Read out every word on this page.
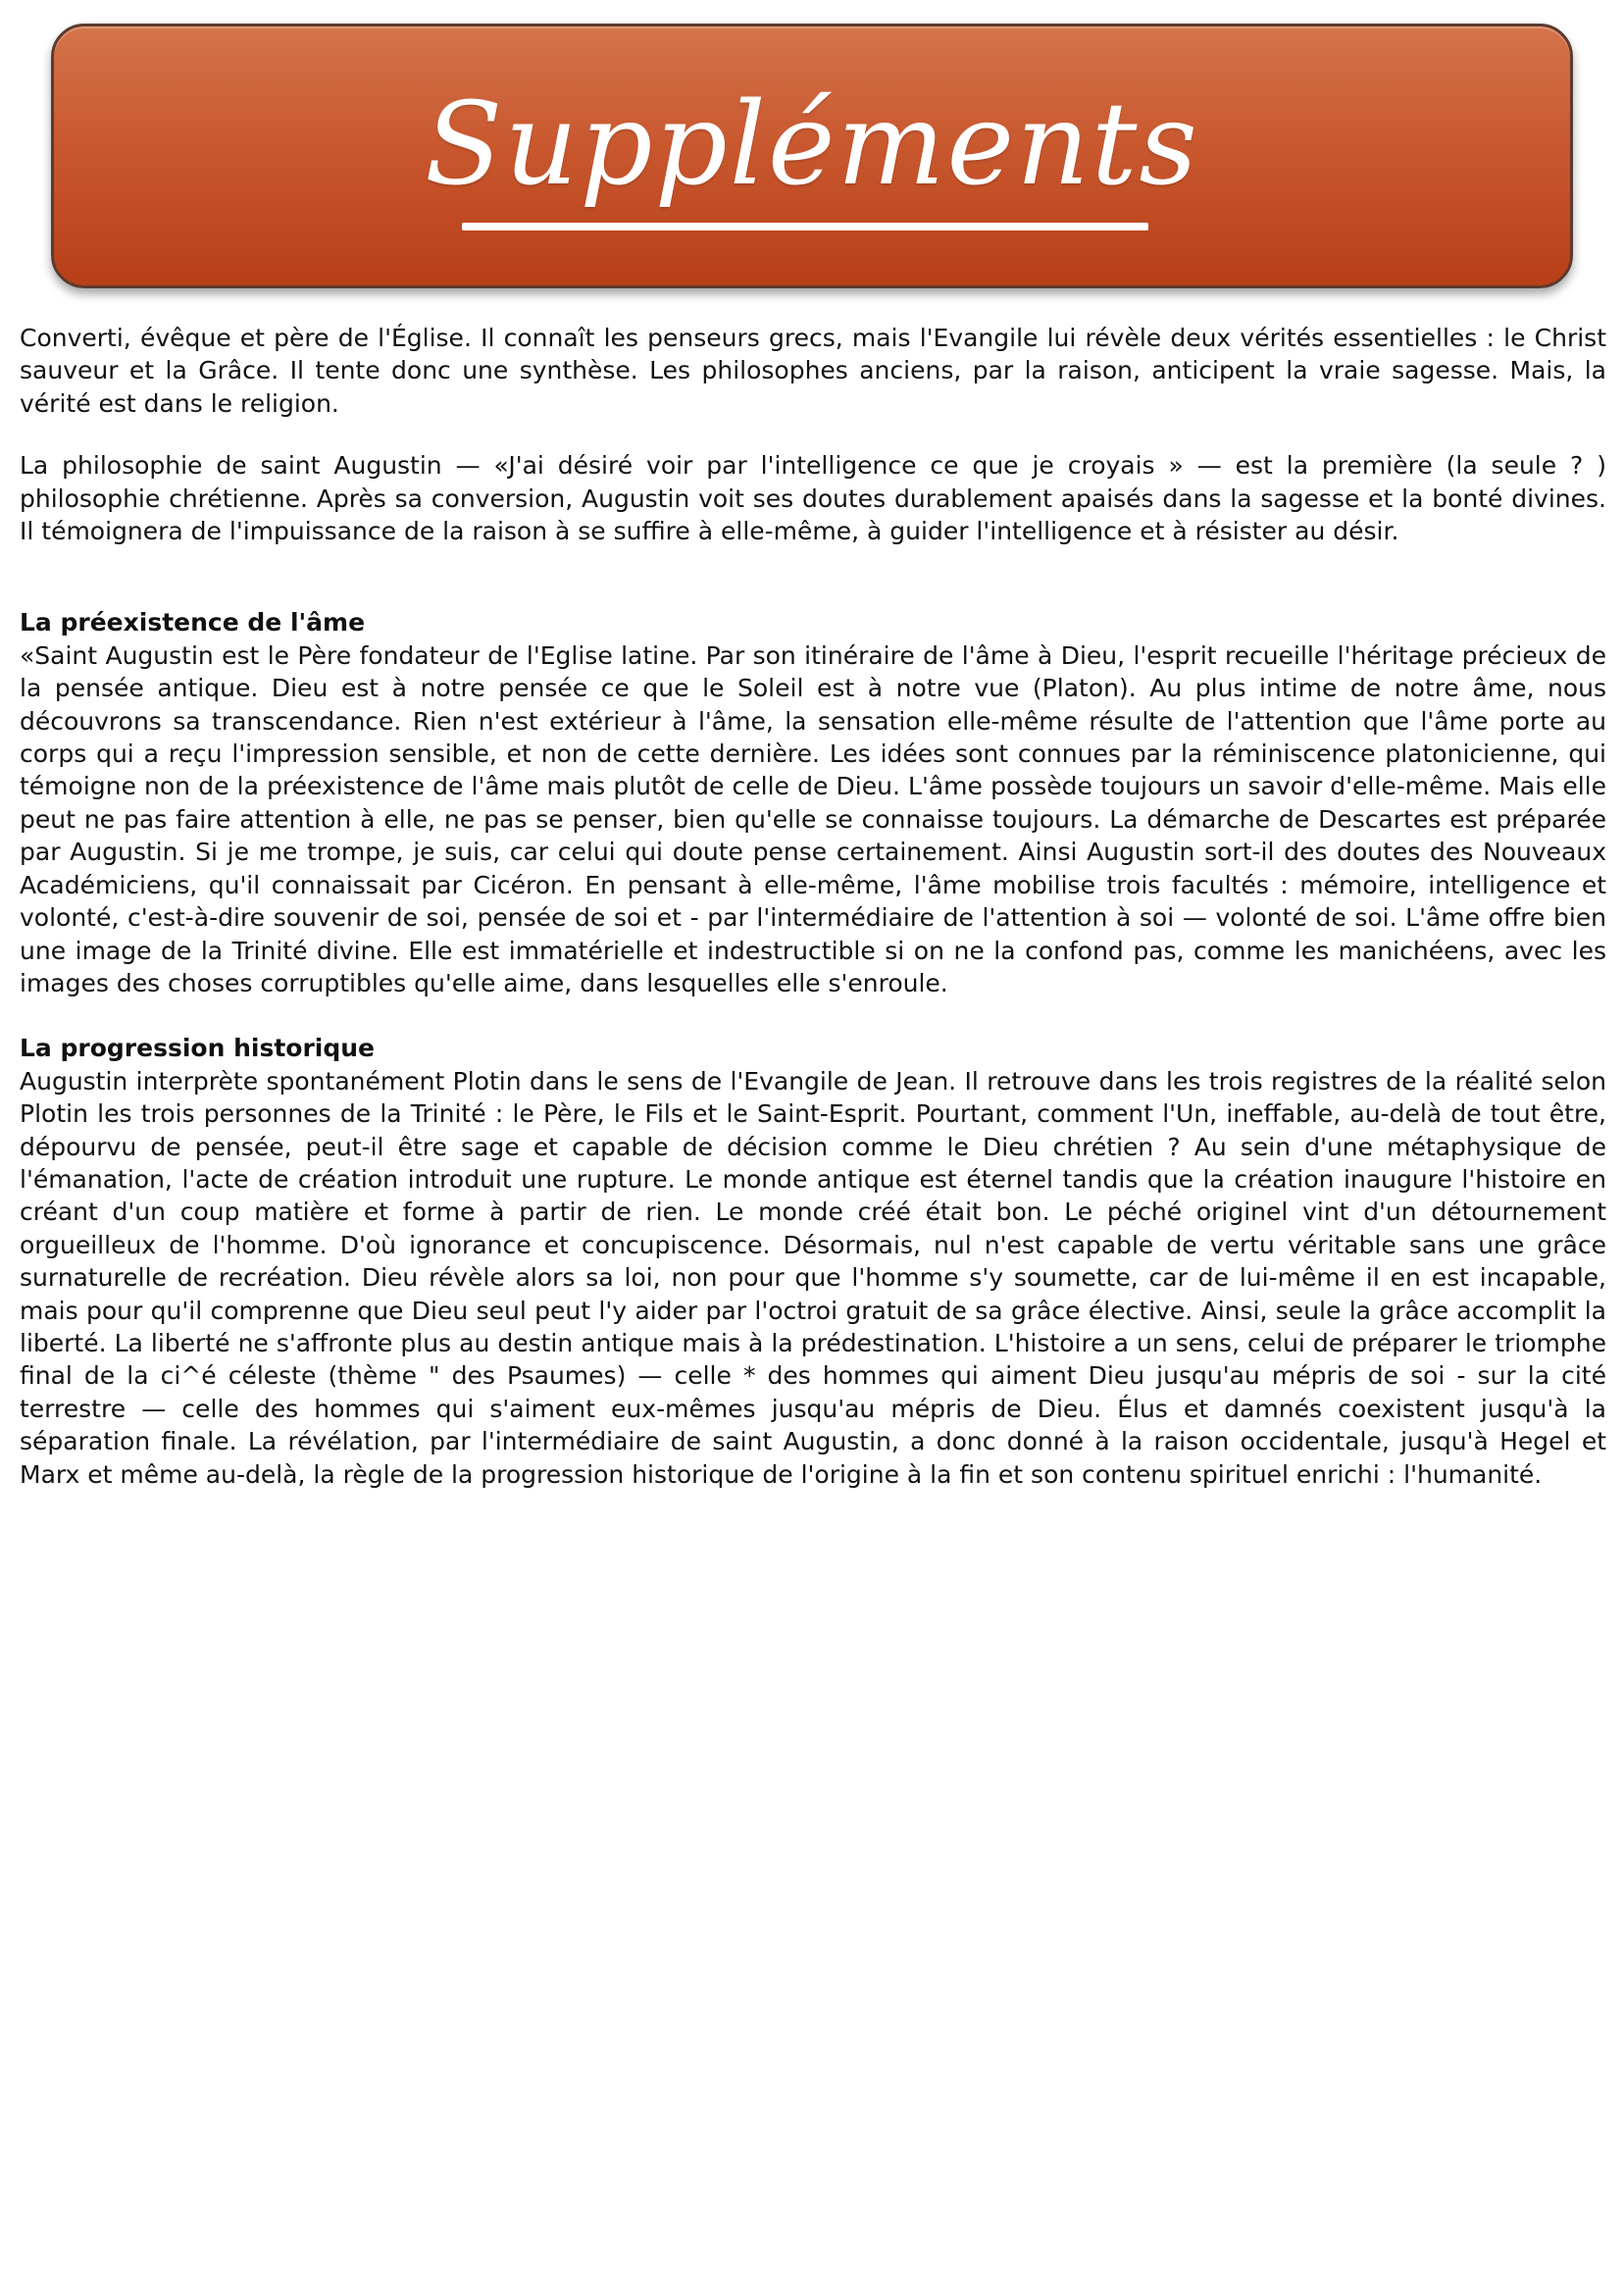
Suppléments

Converti, évêque et père de l'Église. Il connaît les penseurs grecs, mais l'Evangile lui révèle deux vérités essentielles : le Christ sauveur et la Grâce. Il tente donc une synthèse. Les philosophes anciens, par la raison, anticipent la vraie sagesse. Mais, la vérité est dans le religion.

La philosophie de saint Augustin — «J'ai désiré voir par l'intelligence ce que je croyais » — est la première (la seule ? ) philosophie chrétienne. Après sa conversion, Augustin voit ses doutes durablement apaisés dans la sagesse et la bonté divines. Il témoignera de l'impuissance de la raison à se suffire à elle-même, à guider l'intelligence et à résister au désir.

La préexistence de l'âme

«Saint Augustin est le Père fondateur de l'Eglise latine. Par son itinéraire de l'âme à Dieu, l'esprit recueille l'héritage précieux de la pensée antique. Dieu est à notre pensée ce que le Soleil est à notre vue (Platon). Au plus intime de notre âme, nous découvrons sa transcendance. Rien n'est extérieur à l'âme, la sensation elle-même résulte de l'attention que l'âme porte au corps qui a reçu l'impression sensible, et non de cette dernière. Les idées sont connues par la réminiscence platonicienne, qui témoigne non de la préexistence de l'âme mais plutôt de celle de Dieu. L'âme possède toujours un savoir d'elle-même. Mais elle peut ne pas faire attention à elle, ne pas se penser, bien qu'elle se connaisse toujours. La démarche de Descartes est préparée par Augustin. Si je me trompe, je suis, car celui qui doute pense certainement. Ainsi Augustin sort-il des doutes des Nouveaux Académiciens, qu'il connaissait par Cicéron. En pensant à elle-même, l'âme mobilise trois facultés : mémoire, intelligence et volonté, c'est-à-dire souvenir de soi, pensée de soi et - par l'intermédiaire de l'attention à soi — volonté de soi. L'âme offre bien une image de la Trinité divine. Elle est immatérielle et indestructible si on ne la confond pas, comme les manichéens, avec les images des choses corruptibles qu'elle aime, dans lesquelles elle s'enroule.

La progression historique

Augustin interprète spontanément Plotin dans le sens de l'Evangile de Jean. Il retrouve dans les trois registres de la réalité selon Plotin les trois personnes de la Trinité : le Père, le Fils et le Saint-Esprit. Pourtant, comment l'Un, ineffable, au-delà de tout être, dépourvu de pensée, peut-il être sage et capable de décision comme le Dieu chrétien ? Au sein d'une métaphysique de l'émanation, l'acte de création introduit une rupture. Le monde antique est éternel tandis que la création inaugure l'histoire en créant d'un coup matière et forme à partir de rien. Le monde créé était bon. Le péché originel vint d'un détournement orgueilleux de l'homme. D'où ignorance et concupiscence. Désormais, nul n'est capable de vertu véritable sans une grâce surnaturelle de recréation. Dieu révèle alors sa loi, non pour que l'homme s'y soumette, car de lui-même il en est incapable, mais pour qu'il comprenne que Dieu seul peut l'y aider par l'octroi gratuit de sa grâce élective. Ainsi, seule la grâce accomplit la liberté. La liberté ne s'affronte plus au destin antique mais à la prédestination. L'histoire a un sens, celui de préparer le triomphe final de la ci^é céleste (thème " des Psaumes) — celle * des hommes qui aiment Dieu jusqu'au mépris de soi - sur la cité terrestre — celle des hommes qui s'aiment eux-mêmes jusqu'au mépris de Dieu. Élus et damnés coexistent jusqu'à la séparation finale. La révélation, par l'intermédiaire de saint Augustin, a donc donné à la raison occidentale, jusqu'à Hegel et Marx et même au-delà, la règle de la progression historique de l'origine à la fin et son contenu spirituel enrichi : l'humanité.
